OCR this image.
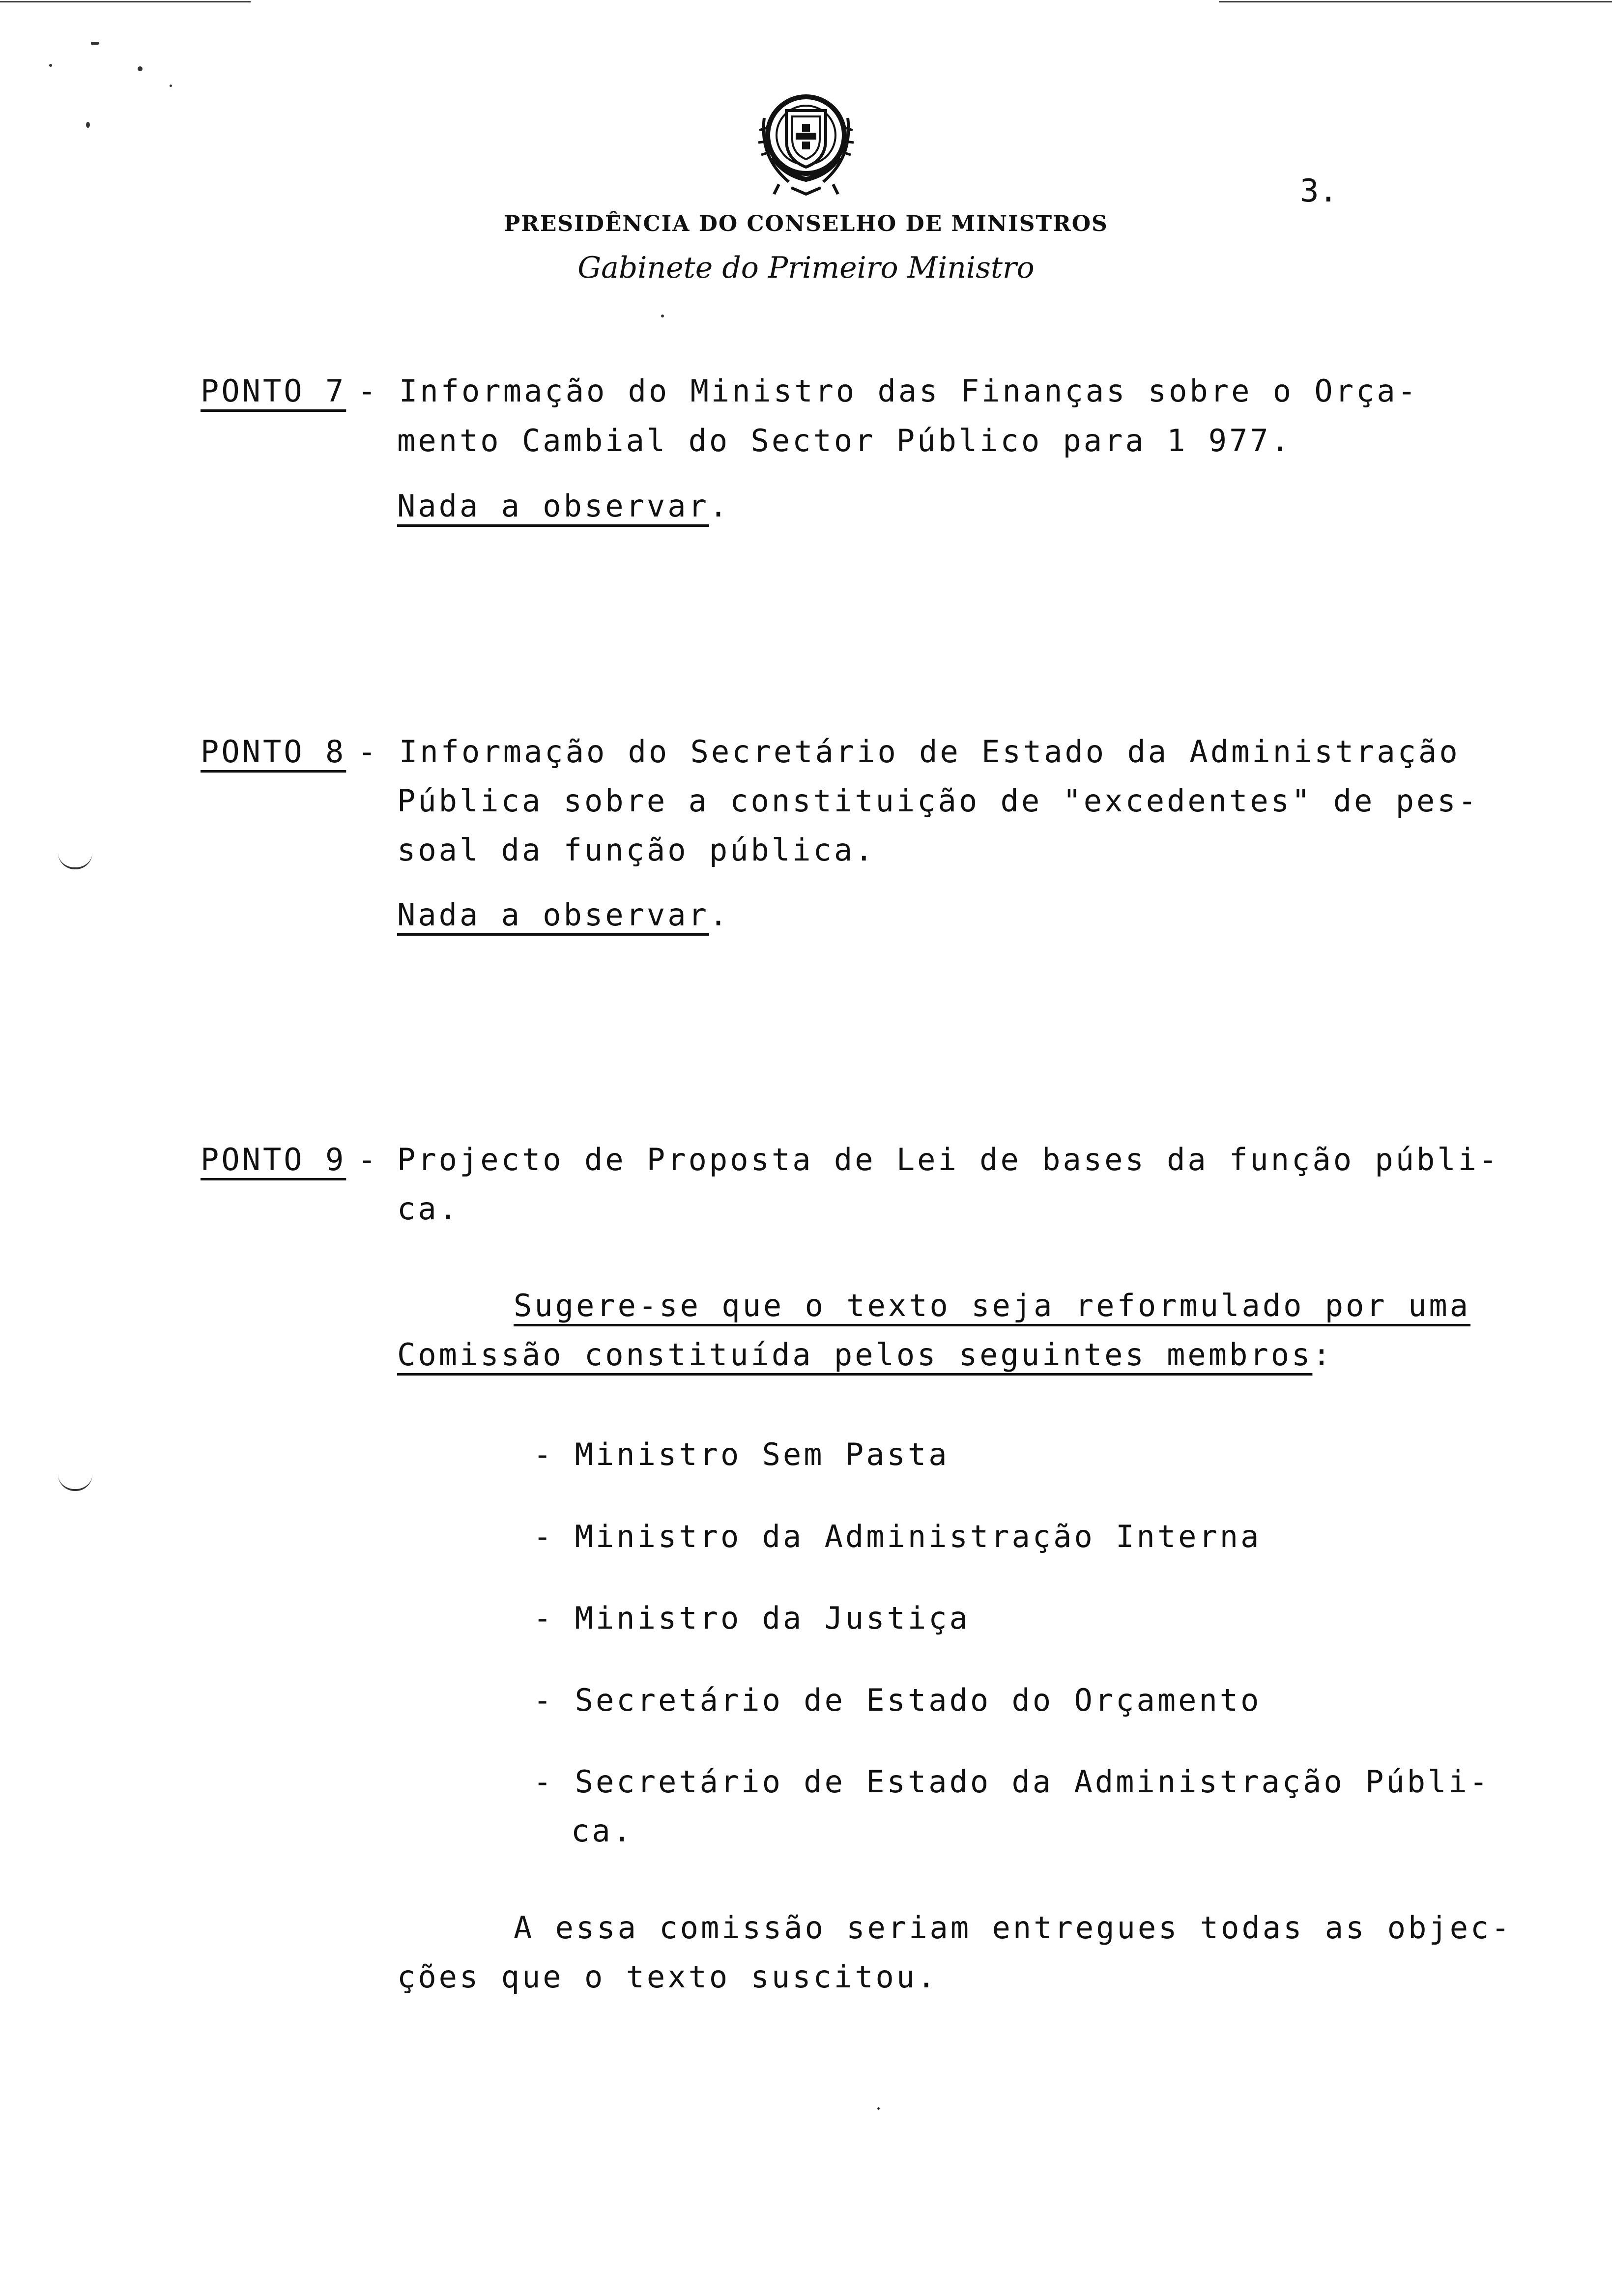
3.
PRESIDÊNCIA DO CONSELHO DE MINISTROS
Gabinete do Primeiro Ministro
PONTO 7 - Informação do Ministro das Finanças sobre o Orça-
mento Cambial do Sector Público para 1 977.
Nada a observar.
PONTO 8 - Informação do Secretário de Estado da Administração
Pública sobre a constituição de "excedentes" de pes-
soal da função pública.
Nada a observar.
PONTO 9 - Projecto de Proposta de Lei de bases da função públi-
ca.
Sugere-se que o texto seja reformulado por uma
Comissão constituída pelos seguintes membros:
- Ministro Sem Pasta
- Ministro da Administração Interna
- Ministro da Justiça
- Secretário de Estado do Orçamento
- Secretário de Estado da Administração Públi-
ca.
A essa comissão seriam entregues todas as objec-
ções que o texto suscitou.
